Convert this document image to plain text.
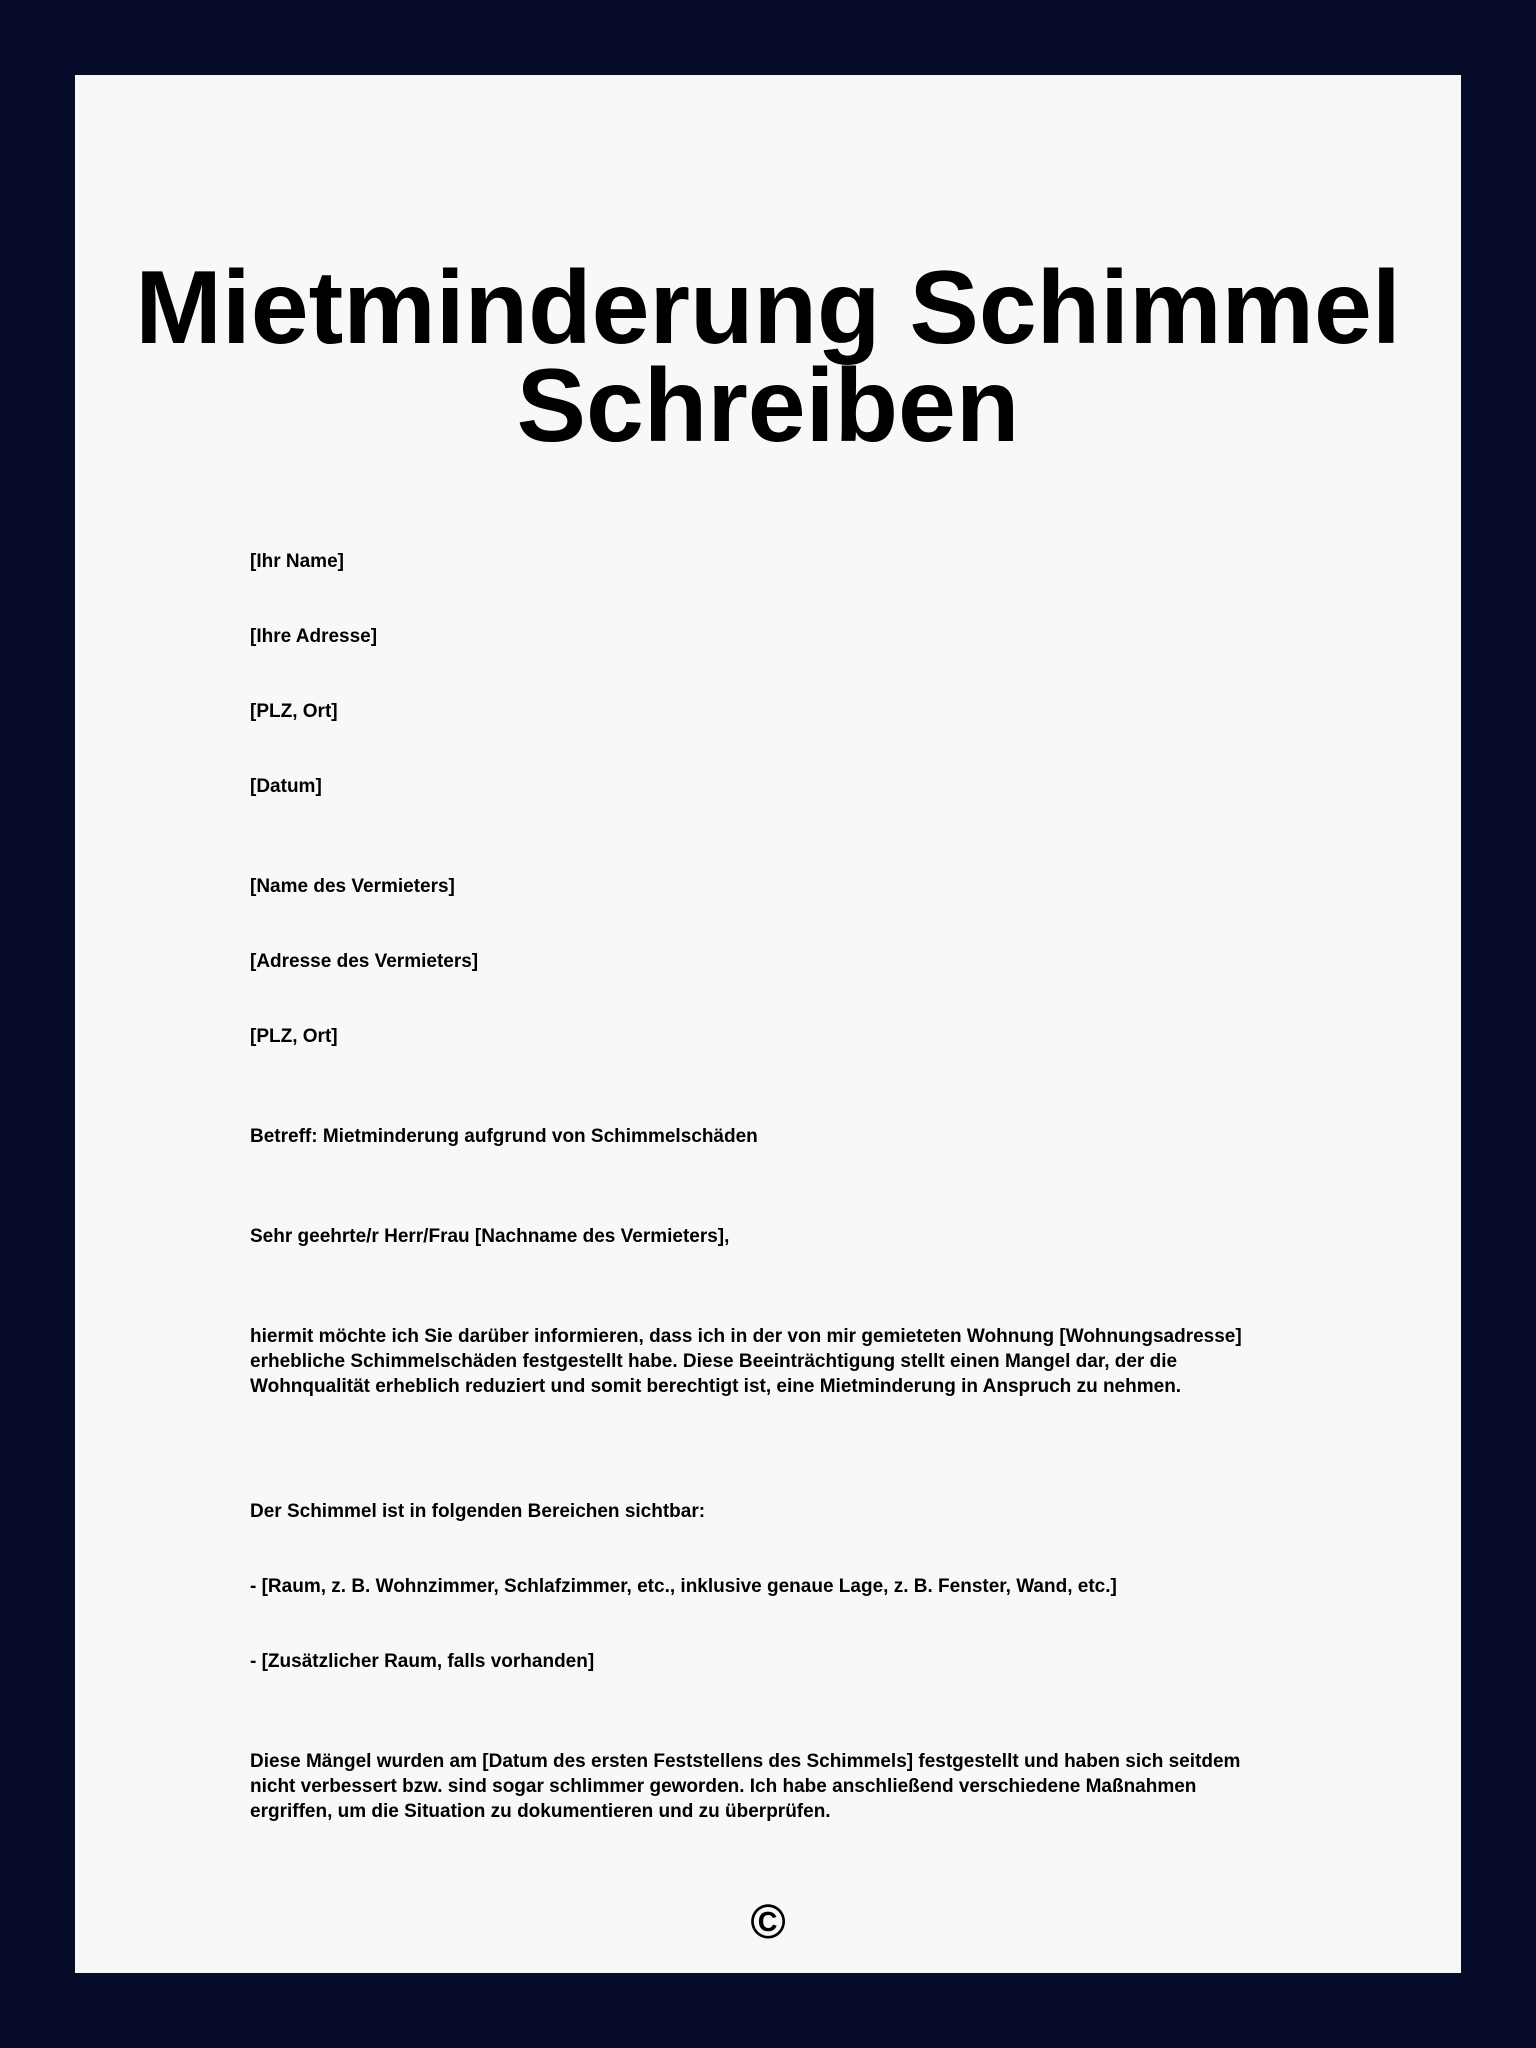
Mietminderung Schimmel

Schreiben

[Ihr Name]

[Ihre Adresse]

[PLZ, Ort]

[Datum]

[Name des Vermieters]

[Adresse des Vermieters]

[PLZ, Ort]

Betreff: Mietminderung aufgrund von Schimmelschäden

Sehr geehrte/r Herr/Frau [Nachname des Vermieters],

hiermit möchte ich Sie darüber informieren, dass ich in der von mir gemieteten Wohnung [Wohnungsadresse] erhebliche Schimmelschäden festgestellt habe. Diese Beeinträchtigung stellt einen Mangel dar, der die Wohnqualität erheblich reduziert und somit berechtigt ist, eine Mietminderung in Anspruch zu nehmen.

Der Schimmel ist in folgenden Bereichen sichtbar:

- [Raum, z. B. Wohnzimmer, Schlafzimmer, etc., inklusive genaue Lage, z. B. Fenster, Wand, etc.]

- [Zusätzlicher Raum, falls vorhanden]

Diese Mängel wurden am [Datum des ersten Feststellens des Schimmels] festgestellt und haben sich seitdem nicht verbessert bzw. sind sogar schlimmer geworden. Ich habe anschließend verschiedene Maßnahmen ergriffen, um die Situation zu dokumentieren und zu überprüfen.

©
